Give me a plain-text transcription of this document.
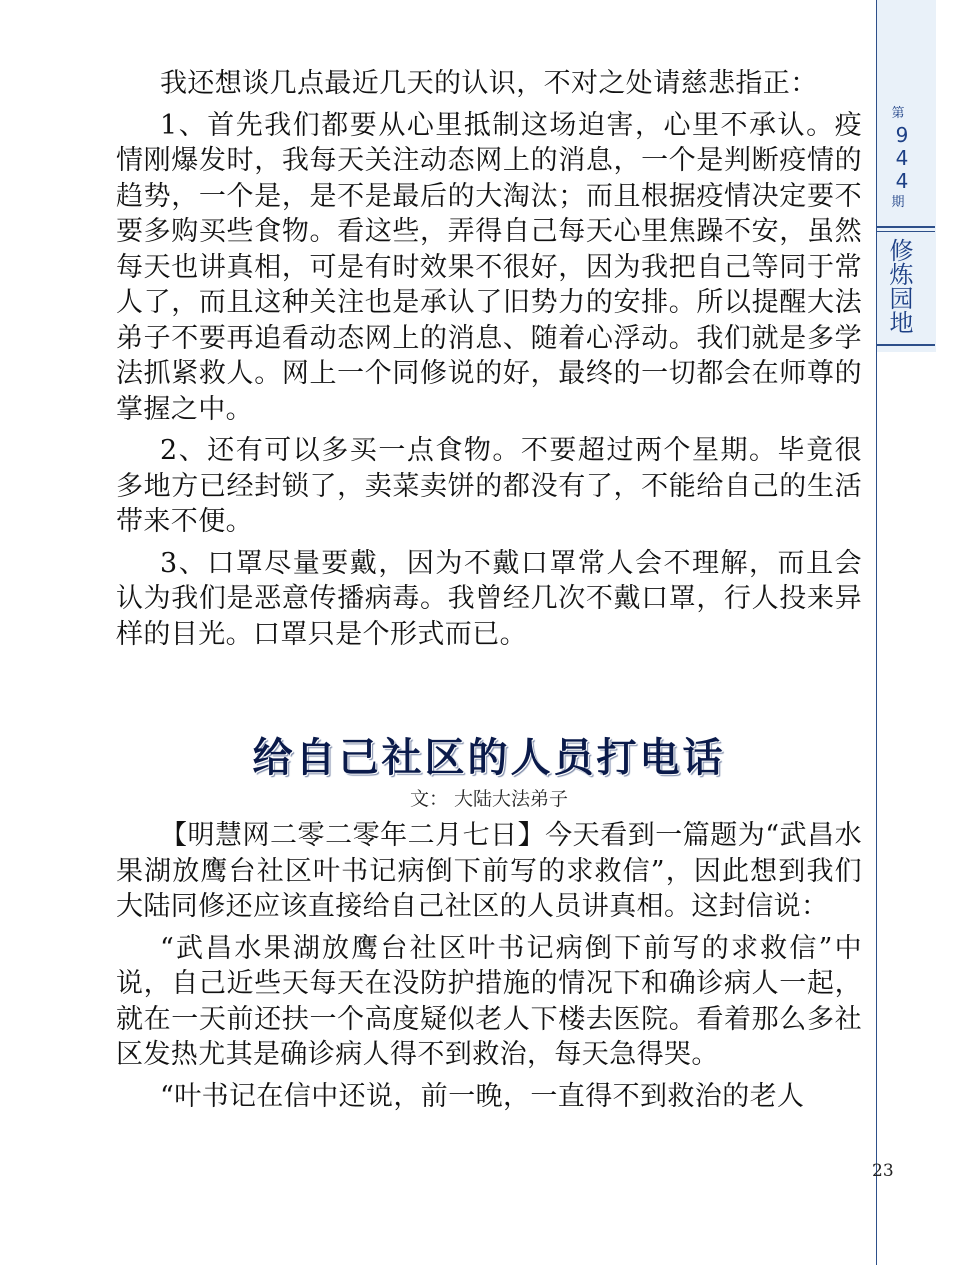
第
9
4
4
期
修炼园地
23

我还想谈几点最近几天的认识，不对之处请慈悲指正：

1、首先我们都要从心里抵制这场迫害，心里不承认。疫情刚爆发时，我每天关注动态网上的消息，一个是判断疫情的趋势，一个是，是不是最后的大淘汰；而且根据疫情决定要不要多购买些食物。看这些，弄得自己每天心里焦躁不安，虽然每天也讲真相，可是有时效果不很好，因为我把自己等同于常人了，而且这种关注也是承认了旧势力的安排。所以提醒大法弟子不要再追看动态网上的消息、随着心浮动。我们就是多学法抓紧救人。网上一个同修说的好，最终的一切都会在师尊的掌握之中。

2、还有可以多买一点食物。不要超过两个星期。毕竟很多地方已经封锁了，卖菜卖饼的都没有了，不能给自己的生活带来不便。

3、口罩尽量要戴，因为不戴口罩常人会不理解，而且会认为我们是恶意传播病毒。我曾经几次不戴口罩，行人投来异样的目光。口罩只是个形式而已。

给自己社区的人员打电话
文： 大陆大法弟子

【明慧网二零二零年二月七日】今天看到一篇题为“武昌水果湖放鹰台社区叶书记病倒下前写的求救信”，因此想到我们大陆同修还应该直接给自己社区的人员讲真相。这封信说：

“武昌水果湖放鹰台社区叶书记病倒下前写的求救信”中说，自己近些天每天在没防护措施的情况下和确诊病人一起，就在一天前还扶一个高度疑似老人下楼去医院。看着那么多社区发热尤其是确诊病人得不到救治，每天急得哭。

“叶书记在信中还说，前一晚，一直得不到救治的老人
